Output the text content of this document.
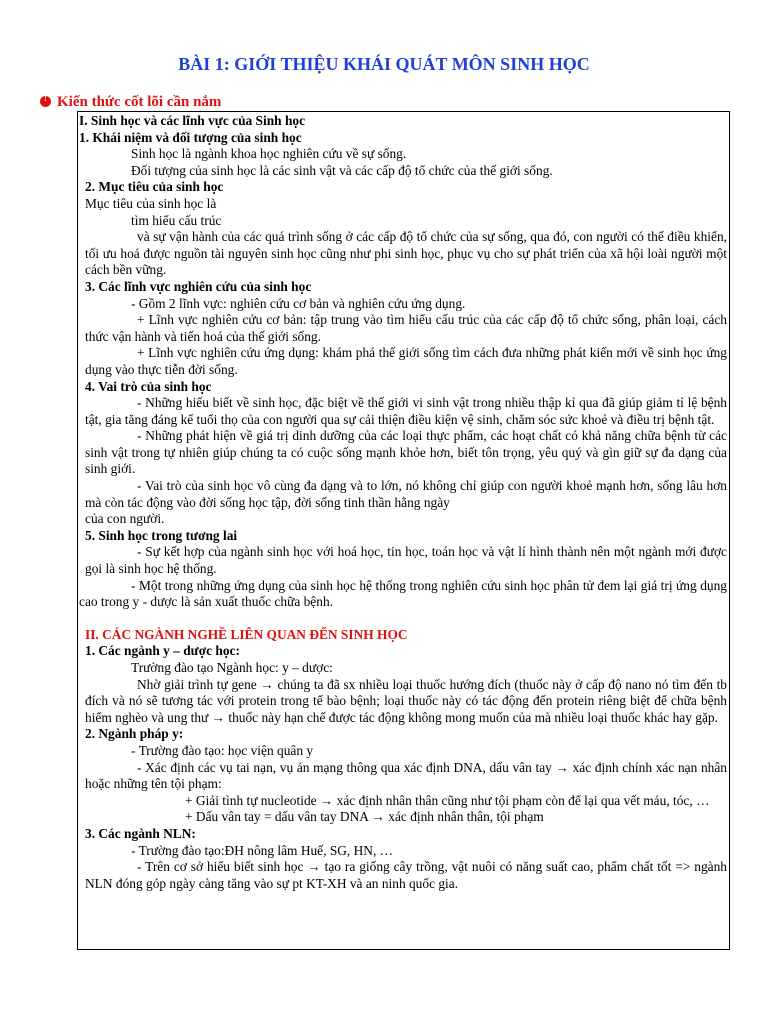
BÀI 1: GIỚI THIỆU KHÁI QUÁT MÔN SINH HỌC
!Kiến thức cốt lõi cần nắm

I. Sinh học và các lĩnh vực của Sinh học

1. Khái niệm và đối tượng của sinh học

Sinh học là ngành khoa học nghiên cứu về sự sống.

Đối tượng của sinh học là các sinh vật và các cấp độ tổ chức của thế giới sống.

2. Mục tiêu của sinh học

Mục tiêu của sinh học là

tìm hiểu cấu trúc

và sự vận hành của các quá trình sống ở các cấp độ tổ chức của sự sống, qua đó, con người có thể điều khiển, tối ưu hoá được nguồn tài nguyên sinh học cũng như phi sinh học, phục vụ cho sự phát triển của xã hội loài người một cách bền vững.

3. Các lĩnh vực nghiên cứu của sinh học

- Gồm 2 lĩnh vực: nghiên cứu cơ bản và nghiên cứu ứng dụng.

+ Lĩnh vực nghiên cứu cơ bản: tập trung vào tìm hiểu cấu trúc của các cấp độ tổ chức sống, phân loại, cách thức vận hành và tiến hoá của thế giới sống.

+ Lĩnh vực nghiên cứu ứng dụng: khám phá thế giới sống tìm cách đưa những phát kiến mới về sinh học ứng dụng vào thực tiễn đời sống.

4. Vai trò của sinh học

- Những hiểu biết về sinh học, đặc biệt về thế giới vi sinh vật trong nhiều thập kỉ qua đã giúp giảm tỉ lệ bệnh tật, gia tăng đáng kể tuổi thọ của con người qua sự cải thiện điều kiện vệ sinh, chăm sóc sức khoẻ và điều trị bệnh tật.

- Những phát hiện về giá trị dinh dưỡng của các loại thực phẩm, các hoạt chất có khả năng chữa bệnh từ các sinh vật trong tự nhiên giúp chúng ta có cuộc sống mạnh khỏe hơn, biết tôn trọng, yêu quý và gìn giữ sự đa dạng của sinh giới.

- Vai trò của sinh học vô cùng đa dạng và to lớn, nó không chỉ giúp con người khoẻ mạnh hơn, sống lâu hơn mà còn tác động vào đời sống học tập, đời sống tinh thần hằng ngày

của con người.

5. Sinh học trong tương lai

- Sự kết hợp của ngành sinh học với hoá học, tin học, toán học và vật lí hình thành nên một ngành mới được gọi là sinh học hệ thống.

- Một trong những ứng dụng của sinh học hệ thống trong nghiên cứu sinh học phân tử đem lại giá trị ứng dụng cao trong y - dược là sản xuất thuốc chữa bệnh.

II. CÁC NGÀNH NGHỀ LIÊN QUAN ĐẾN SINH HỌC

1. Các ngành y – dược học:

Trường đào tạo Ngành học: y – dược:

Nhờ giải trình tự gene → chúng ta đã sx nhiều loại thuốc hướng đích (thuốc này ở cấp độ nano nó tìm đến tb đích và nó sẽ tương tác với protein trong tế bào bệnh; loại thuốc này có tác động đến protein riêng biệt để chữa bệnh hiểm nghèo và ung thư → thuốc này hạn chế được tác động không mong muốn của mà nhiều loại thuốc khác hay gặp.

2. Ngành pháp y:

- Trường đào tạo: học viện quân y

- Xác định các vụ tai nạn, vụ án mạng thông qua xác định DNA, dấu vân tay → xác định chính xác nạn nhân hoặc những tên tội phạm:

+ Giải tình tự nucleotide → xác định nhân thân cũng như tội phạm còn để lại qua vết máu, tóc, …

+ Dấu vân tay = dấu vân tay DNA → xác định nhân thân, tội phạm

3. Các ngành NLN:

- Trường đào tạo:ĐH nông lâm Huế, SG, HN, …

- Trên cơ sở hiểu biết sinh học → tạo ra giống cây trồng, vật nuôi có năng suất cao, phẩm chất tốt => ngành NLN đóng góp ngày càng tăng vào sự pt KT-XH và an ninh quốc gia.
